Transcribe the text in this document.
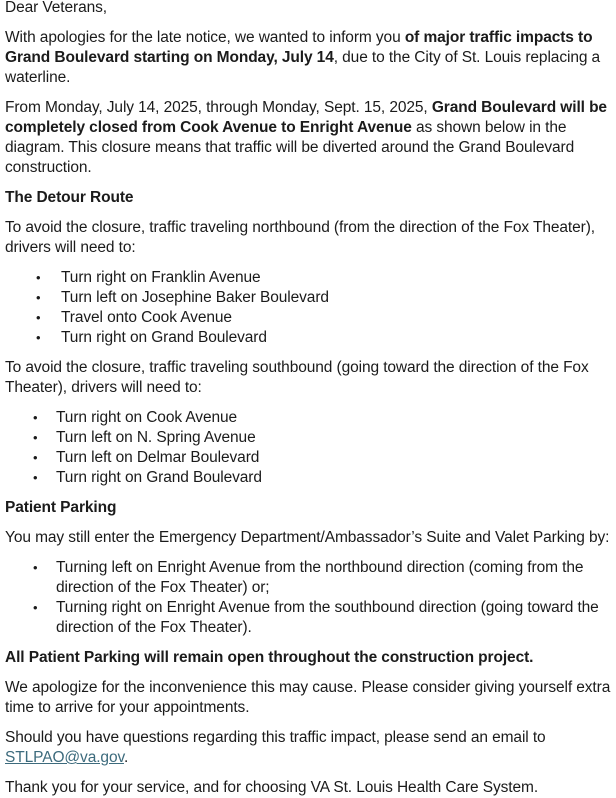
Dear Veterans,

With apologies for the late notice, we wanted to inform you of major traffic impacts to Grand Boulevard starting on Monday, July 14, due to the City of St. Louis replacing a waterline.

From Monday, July 14, 2025, through Monday, Sept. 15, 2025, Grand Boulevard will be completely closed from Cook Avenue to Enright Avenue as shown below in the diagram. This closure means that traffic will be diverted around the Grand Boulevard construction.

The Detour Route

To avoid the closure, traffic traveling northbound (from the direction of the Fox Theater), drivers will need to:

• Turn right on Franklin Avenue
• Turn left on Josephine Baker Boulevard
• Travel onto Cook Avenue
• Turn right on Grand Boulevard

To avoid the closure, traffic traveling southbound (going toward the direction of the Fox Theater), drivers will need to:

• Turn right on Cook Avenue
• Turn left on N. Spring Avenue
• Turn left on Delmar Boulevard
• Turn right on Grand Boulevard
Patient Parking

You may still enter the Emergency Department/Ambassador’s Suite and Valet Parking by:

• Turning left on Enright Avenue from the northbound direction (coming from the direction of the Fox Theater) or;
• Turning right on Enright Avenue from the southbound direction (going toward the direction of the Fox Theater).

All Patient Parking will remain open throughout the construction project.

We apologize for the inconvenience this may cause. Please consider giving yourself extra time to arrive for your appointments.

Should you have questions regarding this traffic impact, please send an email to STLPAO@va.gov.

Thank you for your service, and for choosing VA St. Louis Health Care System.
